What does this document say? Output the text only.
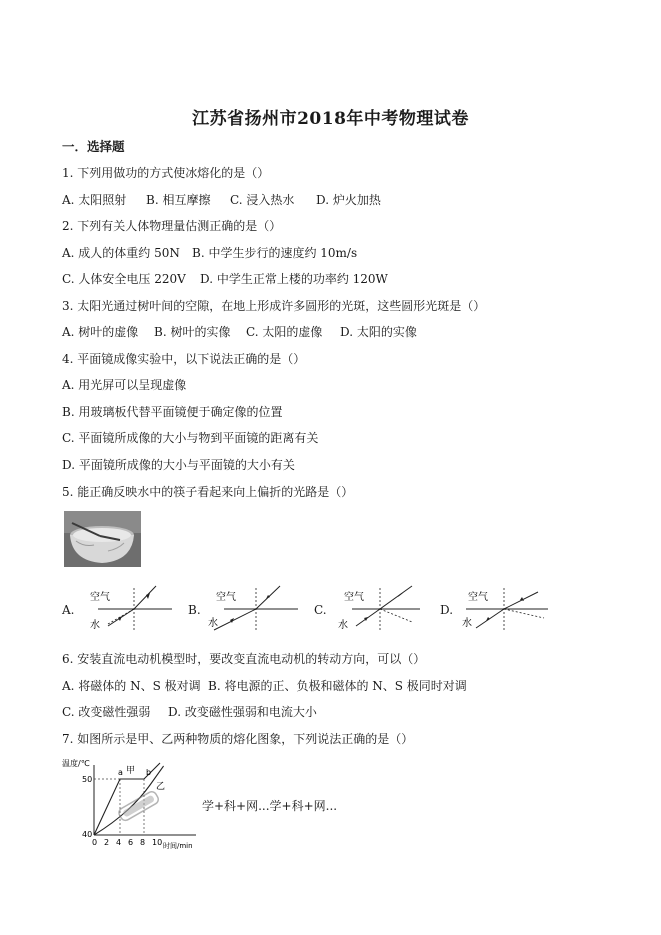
江苏省扬州市2018年中考物理试卷
一．选择题
1. 下列用做功的方式使冰熔化的是（）
A. 太阳照射 B. 相互摩擦 C. 浸入热水 D. 炉火加热
2. 下列有关人体物理量估测正确的是（）
A. 成人的体重约 50N B. 中学生步行的速度约 10m/s
C. 人体安全电压 220V D. 中学生正常上楼的功率约 120W
3. 太阳光通过树叶间的空隙，在地上形成许多圆形的光斑，这些圆形光斑是（）
A. 树叶的虚像 B. 树叶的实像 C. 太阳的虚像 D. 太阳的实像
4. 平面镜成像实验中，以下说法正确的是（）
A. 用光屏可以呈现虚像
B. 用玻璃板代替平面镜便于确定像的位置
C. 平面镜所成像的大小与物到平面镜的距离有关
D. 平面镜所成像的大小与平面镜的大小有关
5. 能正确反映水中的筷子看起来向上偏折的光路是（）
A.
空气
水
B.
空气
水
C.
空气
水
D.
空气
水
6. 安装直流电动机模型时，要改变直流电动机的转动方向，可以（）
A. 将磁体的 N、S 极对调 B. 将电源的正、负极和磁体的 N、S 极同时对调
C. 改变磁性强弱 D. 改变磁性强弱和电流大小
7. 如图所示是甲、乙两种物质的熔化图象，下列说法正确的是（）
温度/℃
时间/min
50
40
0 2 4 6 8 10
a	b
甲
乙
学+科+网...学+科+网...
